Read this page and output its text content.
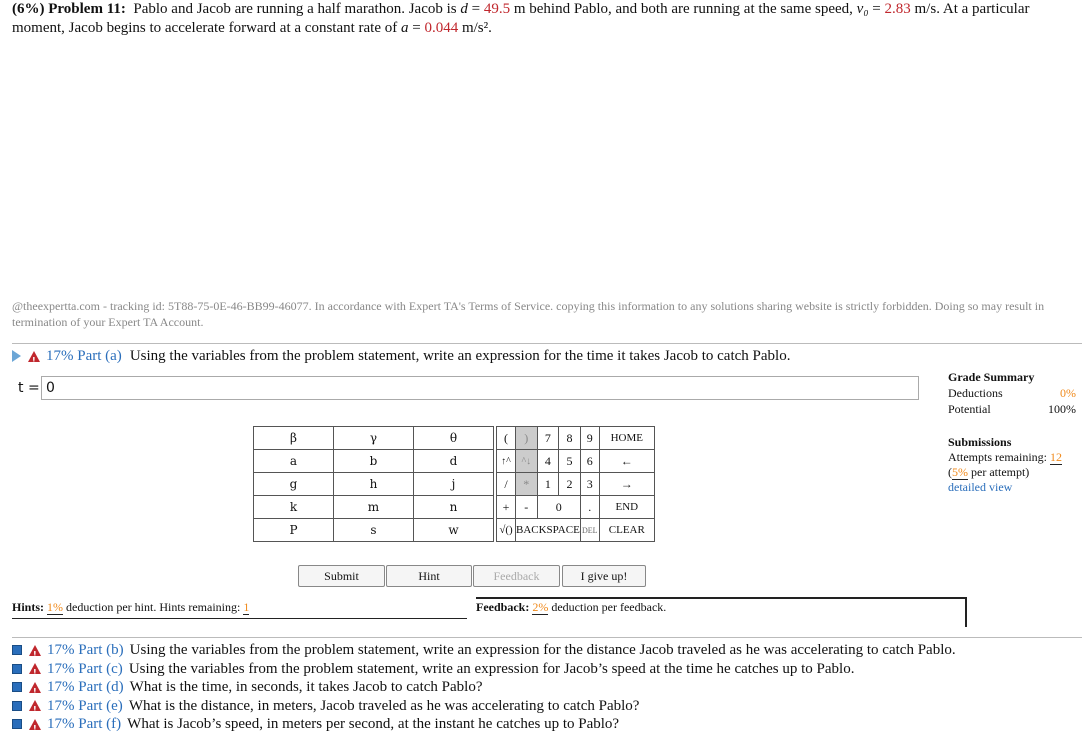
(6%) Problem 11: Pablo and Jacob are running a half marathon. Jacob is d = 49.5 m behind Pablo, and both are running at the same speed, v₀ = 2.83 m/s. At a particular moment, Jacob begins to accelerate forward at a constant rate of a = 0.044 m/s².
@theexpertta.com - tracking id: 5T88-75-0E-46-BB99-46077. In accordance with Expert TA's Terms of Service. copying this information to any solutions sharing website is strictly forbidden. Doing so may result in termination of your Expert TA Account.
!
17% Part (a) Using the variables from the problem statement, write an expression for the time it takes Jacob to catch Pablo.
t = 0
Grade Summary
Deductions	0%
Potential	100%
Submissions
Attempts remaining: 12
(5% per attempt)
detailed view
β	γ	θ
a	b	d
g	h	j
k	m	n
P	s	w
(	)	7	8	9	HOME
↑^	^↓	4	5	6	←
/	*	1	2	3	→
+	-	0		.	END
√()	BACKSPACE			DEL	CLEAR
Submit	Hint	Feedback	I give up!
Hints: 1% deduction per hint. Hints remaining: 1	Feedback: 2% deduction per feedback.
!
17% Part (b) Using the variables from the problem statement, write an expression for the distance Jacob traveled as he was accelerating to catch Pablo.
!
17% Part (c) Using the variables from the problem statement, write an expression for Jacob’s speed at the time he catches up to Pablo.
!
17% Part (d) What is the time, in seconds, it takes Jacob to catch Pablo?
!
17% Part (e) What is the distance, in meters, Jacob traveled as he was accelerating to catch Pablo?
!
17% Part (f) What is Jacob’s speed, in meters per second, at the instant he catches up to Pablo?
